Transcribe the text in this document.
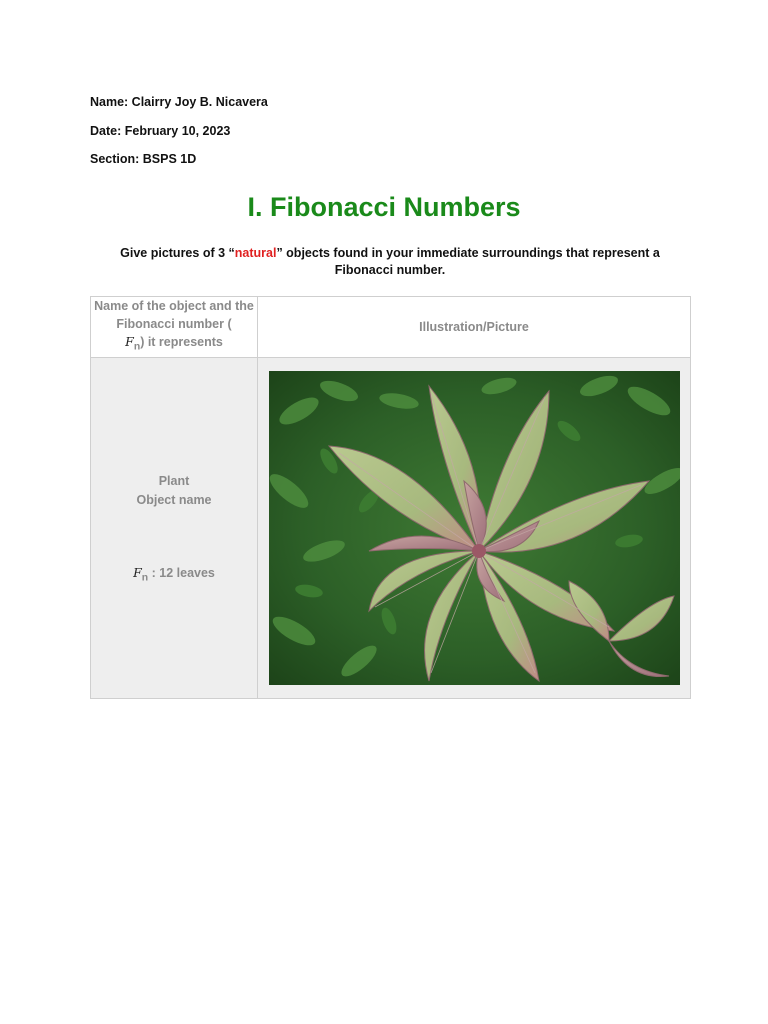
Name: Clairry Joy B. Nicavera
Date: February 10, 2023
Section: BSPS 1D
I. Fibonacci Numbers
Give pictures of 3 “natural” objects found in your immediate surroundings that represent a Fibonacci number.
Name of the object and the Fibonacci number (
$F_n$) it represents	Illustration/Picture

Plant
Object name
$F_n$ : 12 leaves
